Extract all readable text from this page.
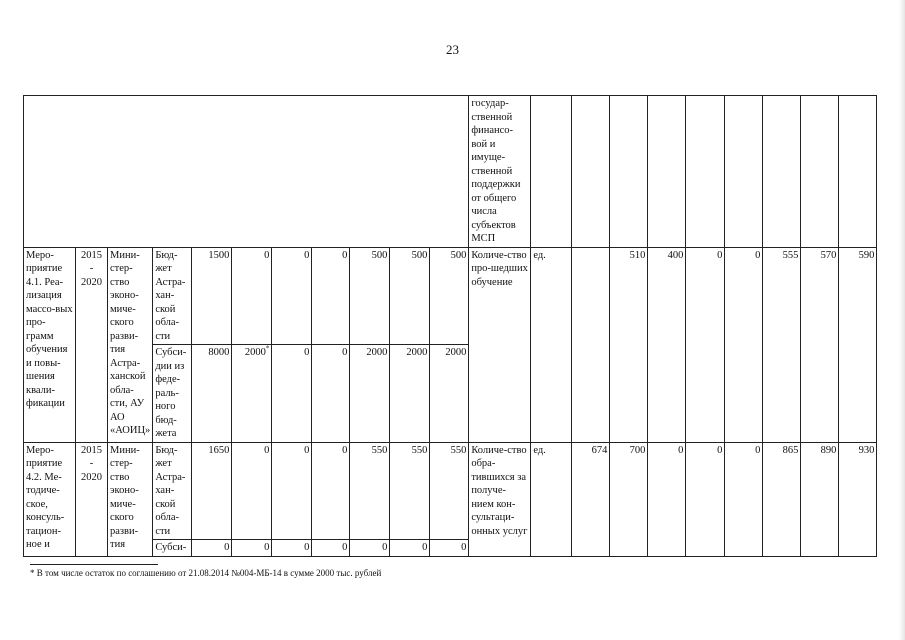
23
											государ-ственной финансо-вой и имуще-ственной поддержки от общего числа субъектов МСП									
Меро-приятие 4.1. Реа-лизация массо-вых про-грамм обучения и повы-шения квали-фикации	2015 - 2020	Мини-стер-ство эконо-миче-ского разви-тия Астра-ханской обла-сти, АУ АО «АОИЦ»	Бюд-жет Астра-хан-ской обла-сти	1500	0	0	0	500	500	500	Количе-ство про-шедших обучение	ед.		510	400	0	0	555	570	590
			Субси-дии из феде-раль-ного бюд-жета	8000	2000*	0	0	2000	2000	2000										
Меро-приятие 4.2. Ме-тодиче-ское, консуль-тацион-ное и	2015 - 2020	Мини-стер-ство эконо-миче-ского разви-тия	Бюд-жет Астра-хан-ской обла-сти	1650	0	0	0	550	550	550	Количе-ство обра-тившихся за получе-нием кон-сультаци-онных услуг	ед.	674	700	0	0	0	865	890	930
			Субси-	0	0	0	0	0	0	0										
* В том числе остаток по соглашению от 21.08.2014 №004-МБ-14 в сумме 2000 тыс. рублей
